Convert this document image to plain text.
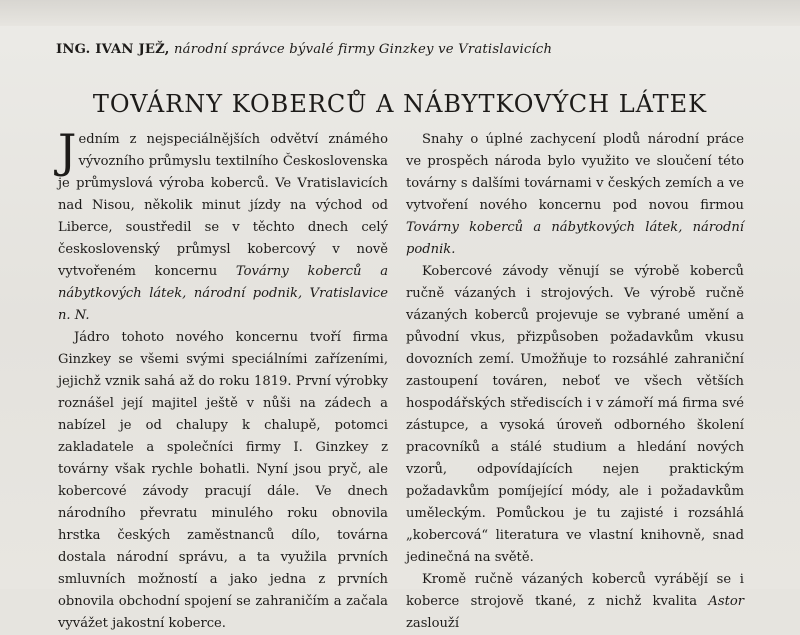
ING. IVAN JEŽ, národní správce bývalé firmy Ginzkey ve Vratislavicích
TOVÁRNY KOBERCŮ A NÁBYTKOVÝCH LÁTEK

Jedním z nejspeciálnějších odvětví známého vývozního průmyslu textilního Československa je průmyslová výroba koberců. Ve Vratislavicích nad Nisou, několik minut jízdy na východ od Liberce, soustředil se v těchto dnech celý československý průmysl kobercový v nově vytvořeném koncernu Továrny koberců a nábytkových látek, národní podnik, Vratislavice n. N.

Jádro tohoto nového koncernu tvoří firma Ginzkey se všemi svými speciálními zařízeními, jejichž vznik sahá až do roku 1819. První výrobky roznášel její majitel ještě v nůši na zádech a nabízel je od chalupy k chalupě, potomci zakladatele a společníci firmy I. Ginzkey z továrny však rychle bohatli. Nyní jsou pryč, ale kobercové závody pracují dále. Ve dnech národního převratu minulého roku obnovila hrstka českých zaměstnanců dílo, továrna dostala národní správu, a ta využila prvních smluvních možností a jako jedna z prvních obnovila obchodní spojení se zahraničím a začala vyvážet jakostní koberce.

Snahy o úplné zachycení plodů národní práce ve prospěch národa bylo využito ve sloučení této továrny s dalšími továrnami v českých zemích a ve vytvoření nového koncernu pod novou firmou Továrny koberců a nábytkových látek, národní podnik.

Kobercové závody věnují se výrobě koberců ručně vázaných i strojových. Ve výrobě ručně vázaných koberců projevuje se vybrané umění a původní vkus, přizpůsoben požadavkům vkusu dovozních zemí. Umožňuje to rozsáhlé zahraniční zastoupení továren, neboť ve všech větších hospodářských střediscích i v zámoří má firma své zástupce, a vysoká úroveň odborného školení pracovníků a stálé studium a hledání nových vzorů, odpovídajících nejen praktickým požadavkům pomíjející módy, ale i požadavkům uměleckým. Pomůckou je tu zajisté i rozsáhlá „kobercová“ literatura ve vlastní knihovně, snad jedinečná na světě.

Kromě ručně vázaných koberců vyrábějí se i koberce strojově tkané, z nichž kvalita Astor zaslouží
